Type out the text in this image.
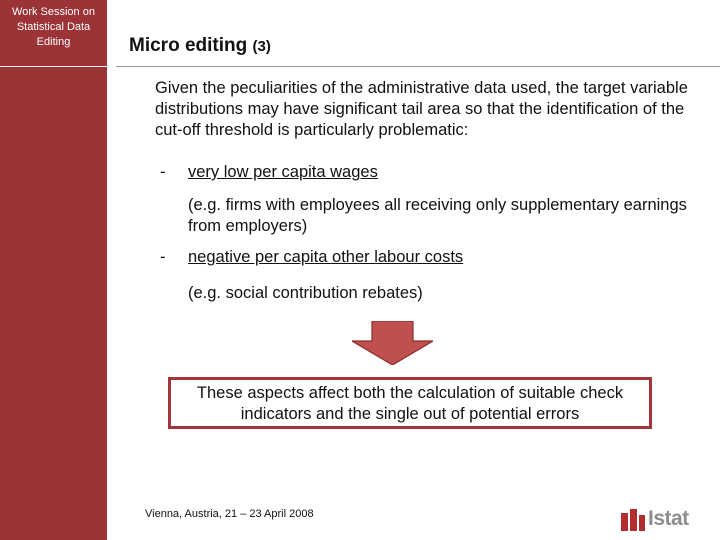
Work Session on
Statistical Data
Editing	Micro editing (3)
Given the peculiarities of the administrative data used, the target variable distributions may have significant tail area so that the identification of the cut-off threshold is particularly problematic:
- very low per capita wages
(e.g. firms with employees all receiving only supplementary earnings from employers)
- negative per capita other labour costs
(e.g. social contribution rebates)
These aspects affect both the calculation of suitable check indicators and the single out of potential errors
Vienna, Austria, 21 – 23 April 2008	Istat
